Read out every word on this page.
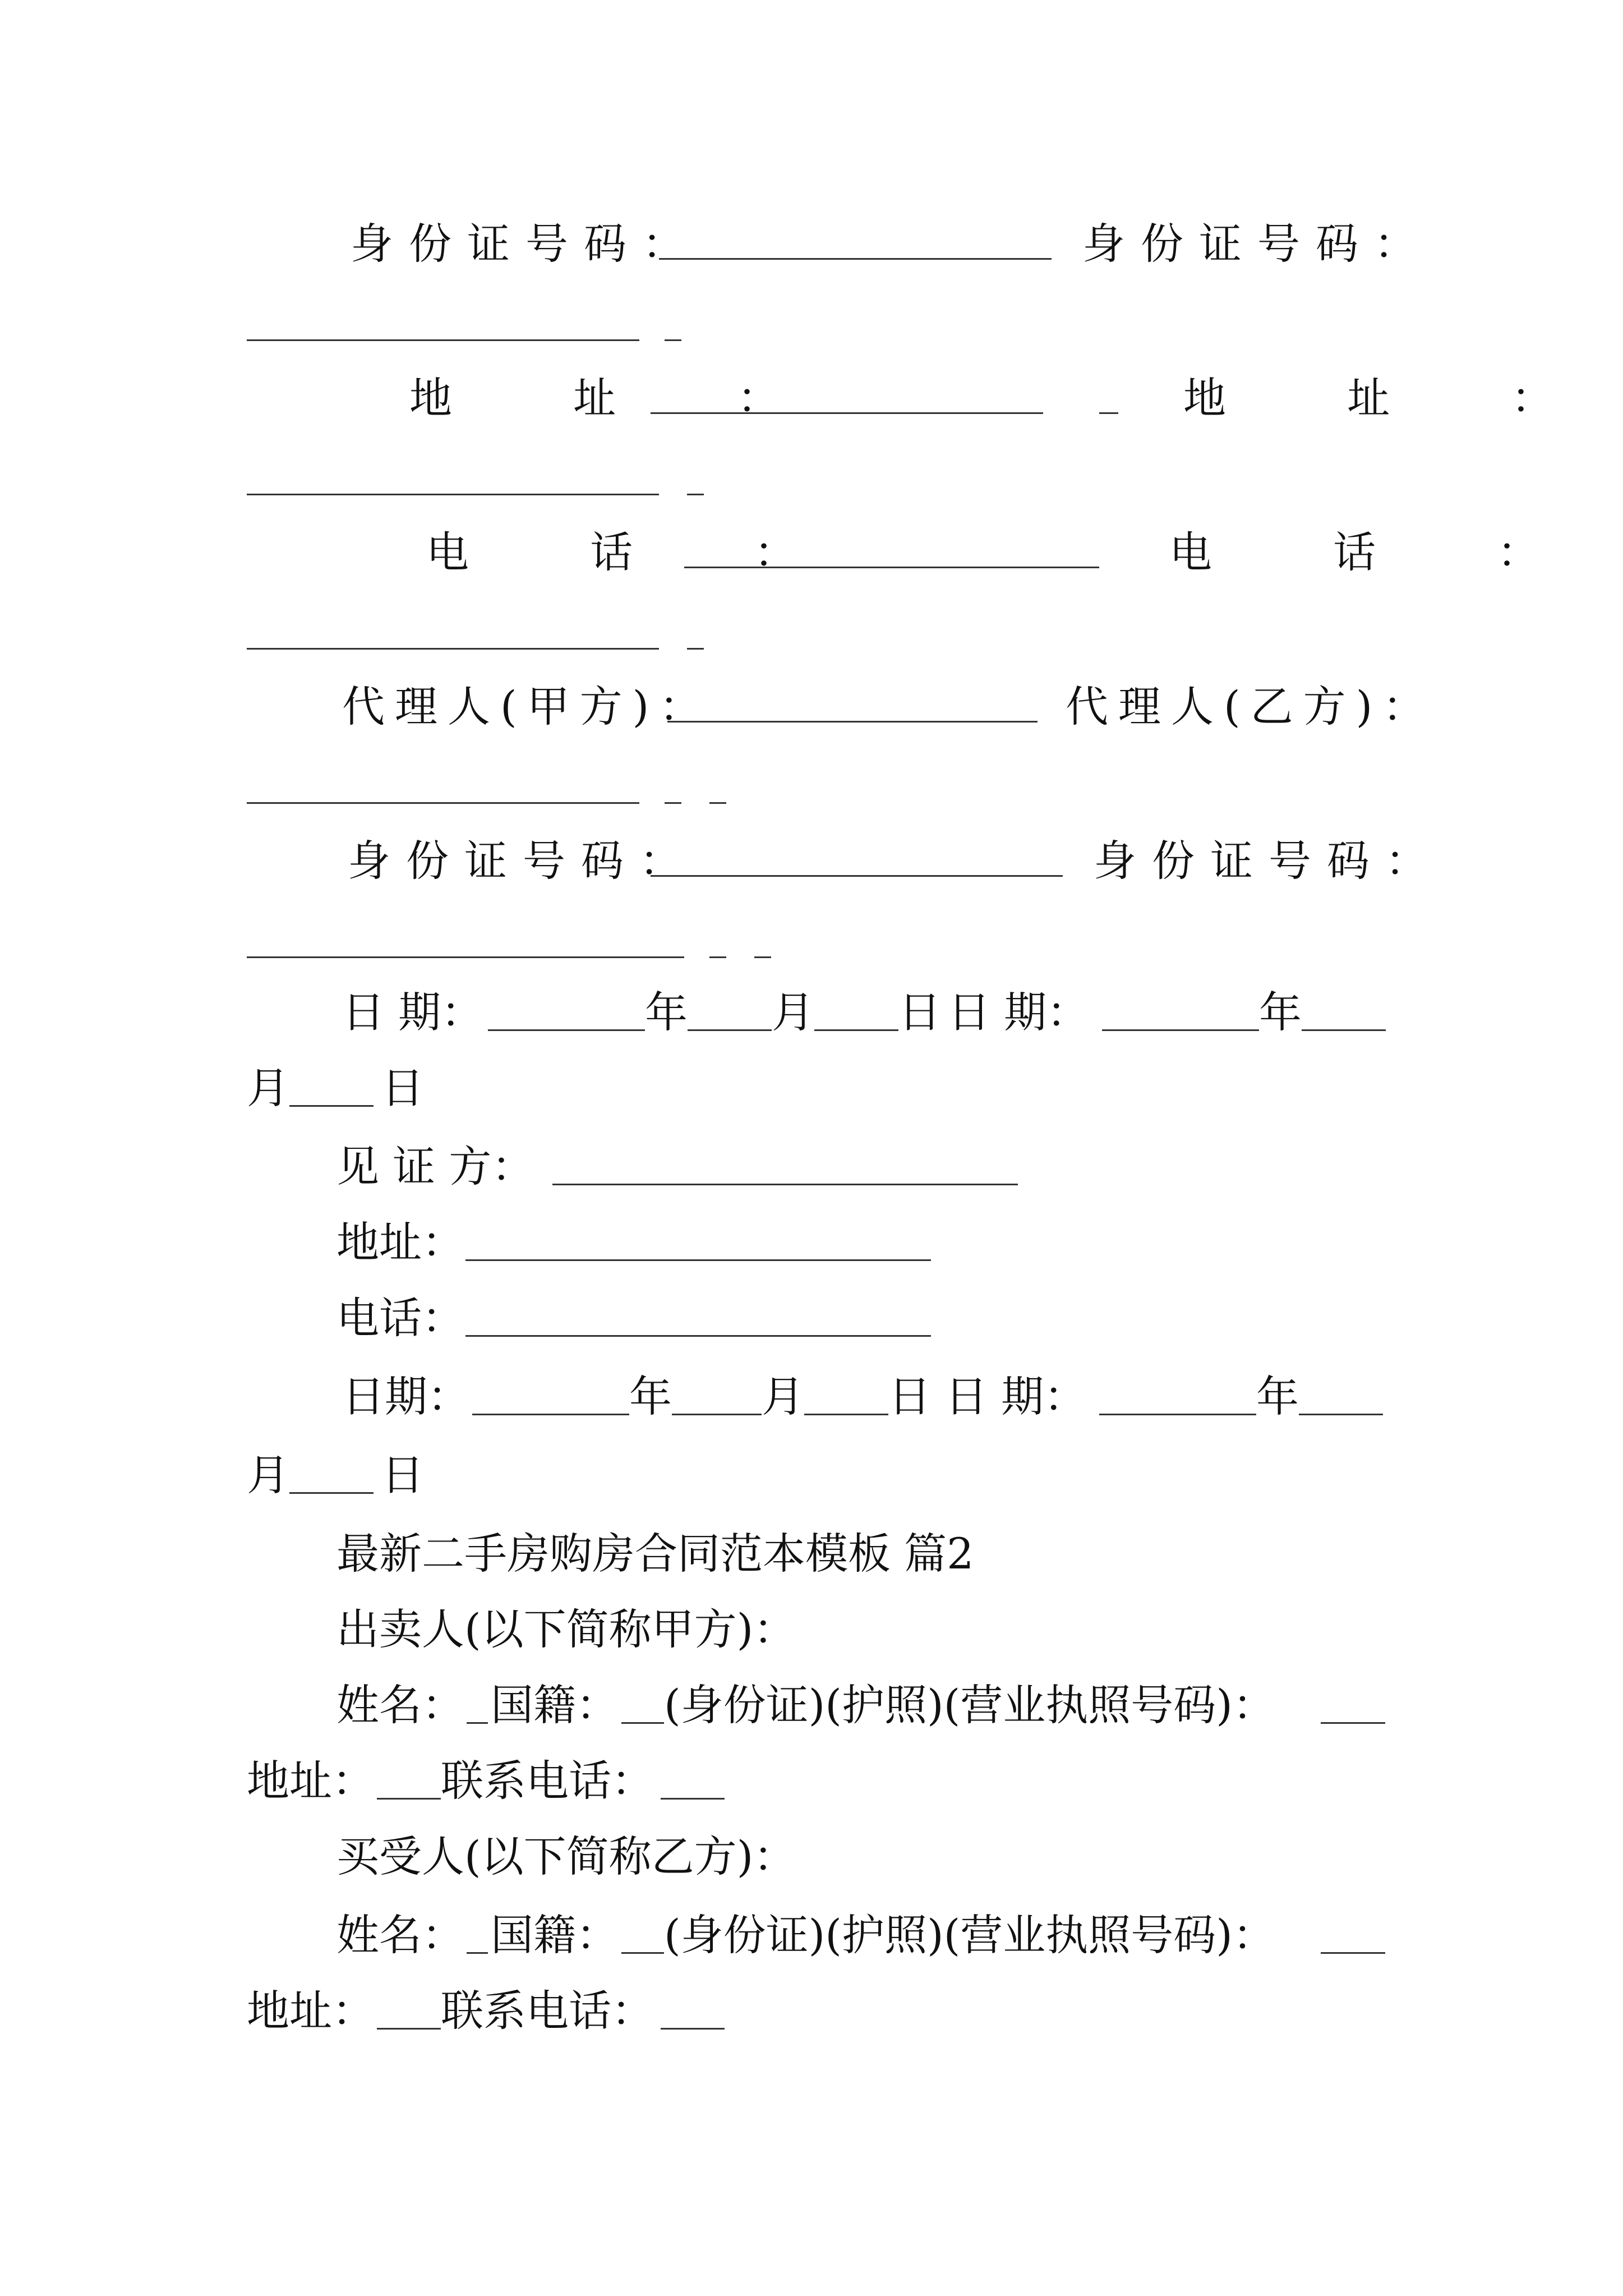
身份证号码：	身份证号码：
地 址 ：	地 址 ：
电 话 ：	电 话 ：
代理人(甲方)：	代理人(乙方)：
身份证号码：	身份证号码：
日 期：	年 月 日 日 期：	年
月 日
见 证 方：
地址：
电话：
日期：	年 月 日 日 期：	年
月 日
最新二手房购房合同范本模板 篇2
出卖人(以下简称甲方)：
姓名： 国籍： (身份证)(护照)(营业执照号码)：
地址： 联系电话：
买受人(以下简称乙方)：
姓名： 国籍： (身份证)(护照)(营业执照号码)：
地址： 联系电话：
